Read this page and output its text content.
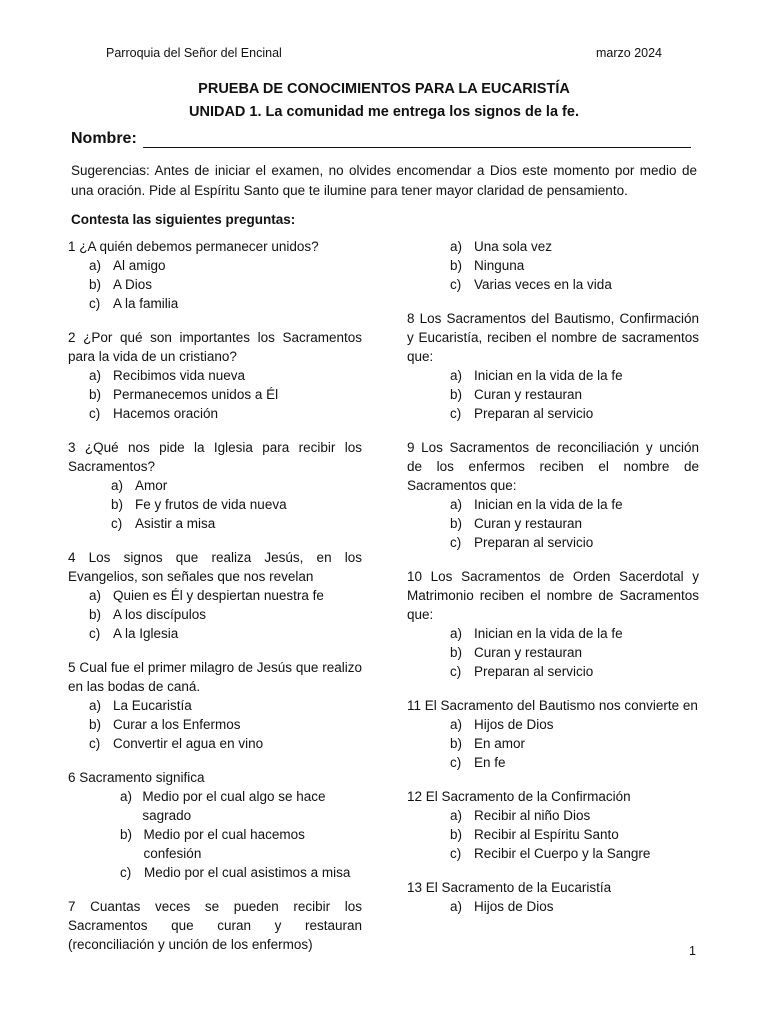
Parroquia del Señor del Encinal	marzo 2024
PRUEBA DE CONOCIMIENTOS PARA LA EUCARISTÍA
UNIDAD 1. La comunidad me entrega los signos de la fe.
Nombre:
Sugerencias: Antes de iniciar el examen, no olvides encomendar a Dios este momento por medio de una oración. Pide al Espíritu Santo que te ilumine para tener mayor claridad de pensamiento.
Contesta las siguientes preguntas:
1 ¿A quién debemos permanecer unidos?
a) Al amigo
b) A Dios
c) A la familia
2 ¿Por qué son importantes los Sacramentos para la vida de un cristiano?
a) Recibimos vida nueva
b) Permanecemos unidos a Él
c) Hacemos oración
3 ¿Qué nos pide la Iglesia para recibir los Sacramentos?
a) Amor
b) Fe y frutos de vida nueva
c) Asistir a misa
4 Los signos que realiza Jesús, en los Evangelios, son señales que nos revelan
a) Quien es Él y despiertan nuestra fe
b) A los discípulos
c) A la Iglesia
5 Cual fue el primer milagro de Jesús que realizo en las bodas de caná.
a) La Eucaristía
b) Curar a los Enfermos
c) Convertir el agua en vino
6 Sacramento significa
a) Medio por el cual algo se hace sagrado
b) Medio por el cual hacemos confesión
c) Medio por el cual asistimos a misa
7 Cuantas veces se pueden recibir los Sacramentos que curan y restauran (reconciliación y unción de los enfermos)
a) Una sola vez
b) Ninguna
c) Varias veces en la vida
8 Los Sacramentos del Bautismo, Confirmación y Eucaristía, reciben el nombre de sacramentos que:
a) Inician en la vida de la fe
b) Curan y restauran
c) Preparan al servicio
9 Los Sacramentos de reconciliación y unción de los enfermos reciben el nombre de Sacramentos que:
a) Inician en la vida de la fe
b) Curan y restauran
c) Preparan al servicio
10 Los Sacramentos de Orden Sacerdotal y Matrimonio reciben el nombre de Sacramentos que:
a) Inician en la vida de la fe
b) Curan y restauran
c) Preparan al servicio
11 El Sacramento del Bautismo nos convierte en
a) Hijos de Dios
b) En amor
c) En fe
12 El Sacramento de la Confirmación
a) Recibir al niño Dios
b) Recibir al Espíritu Santo
c) Recibir el Cuerpo y la Sangre
13 El Sacramento de la Eucaristía
a) Hijos de Dios
1
